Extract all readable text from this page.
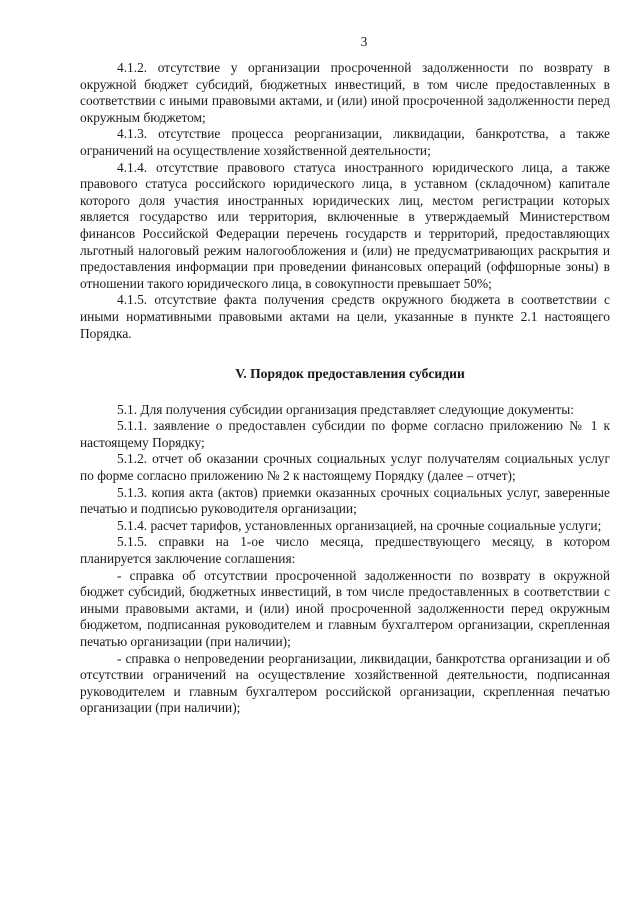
3

4.1.2. отсутствие у организации просроченной задолженности по возврату в окружной бюджет субсидий, бюджетных инвестиций, в том числе предоставленных в соответствии с иными правовыми актами, и (или) иной просроченной задолженности перед окружным бюджетом;

4.1.3. отсутствие процесса реорганизации, ликвидации, банкротства, а также ограничений на осуществление хозяйственной деятельности;

4.1.4. отсутствие правового статуса иностранного юридического лица, а также правового статуса российского юридического лица, в уставном (складочном) капитале которого доля участия иностранных юридических лиц, местом регистрации которых является государство или территория, включенные в утверждаемый Министерством финансов Российской Федерации перечень государств и территорий, предоставляющих льготный налоговый режим налогообложения и (или) не предусматривающих раскрытия и предоставления информации при проведении финансовых операций (оффшорные зоны) в отношении такого юридического лица, в совокупности превышает 50%;

4.1.5. отсутствие факта получения средств окружного бюджета в соответствии с иными нормативными правовыми актами на цели, указанные в пункте 2.1 настоящего Порядка.

V. Порядок предоставления субсидии

5.1. Для получения субсидии организация представляет следующие документы:

5.1.1. заявление о предоставлен субсидии по форме согласно приложению № 1 к настоящему Порядку;

5.1.2. отчет об оказании срочных социальных услуг получателям социальных услуг по форме согласно приложению № 2 к настоящему Порядку (далее – отчет);

5.1.3. копия акта (актов) приемки оказанных срочных социальных услуг, заверенные печатью и подписью руководителя организации;

5.1.4. расчет тарифов, установленных организацией, на срочные социальные услуги;

5.1.5. справки на 1-ое число месяца, предшествующего месяцу, в котором планируется заключение соглашения:

- справка об отсутствии просроченной задолженности по возврату в окружной бюджет субсидий, бюджетных инвестиций, в том числе предоставленных в соответствии с иными правовыми актами, и (или) иной просроченной задолженности перед окружным бюджетом, подписанная руководителем и главным бухгалтером организации, скрепленная печатью организации (при наличии);

- справка о непроведении реорганизации, ликвидации, банкротства организации и об отсутствии ограничений на осуществление хозяйственной деятельности, подписанная руководителем и главным бухгалтером российской организации, скрепленная печатью организации (при наличии);
